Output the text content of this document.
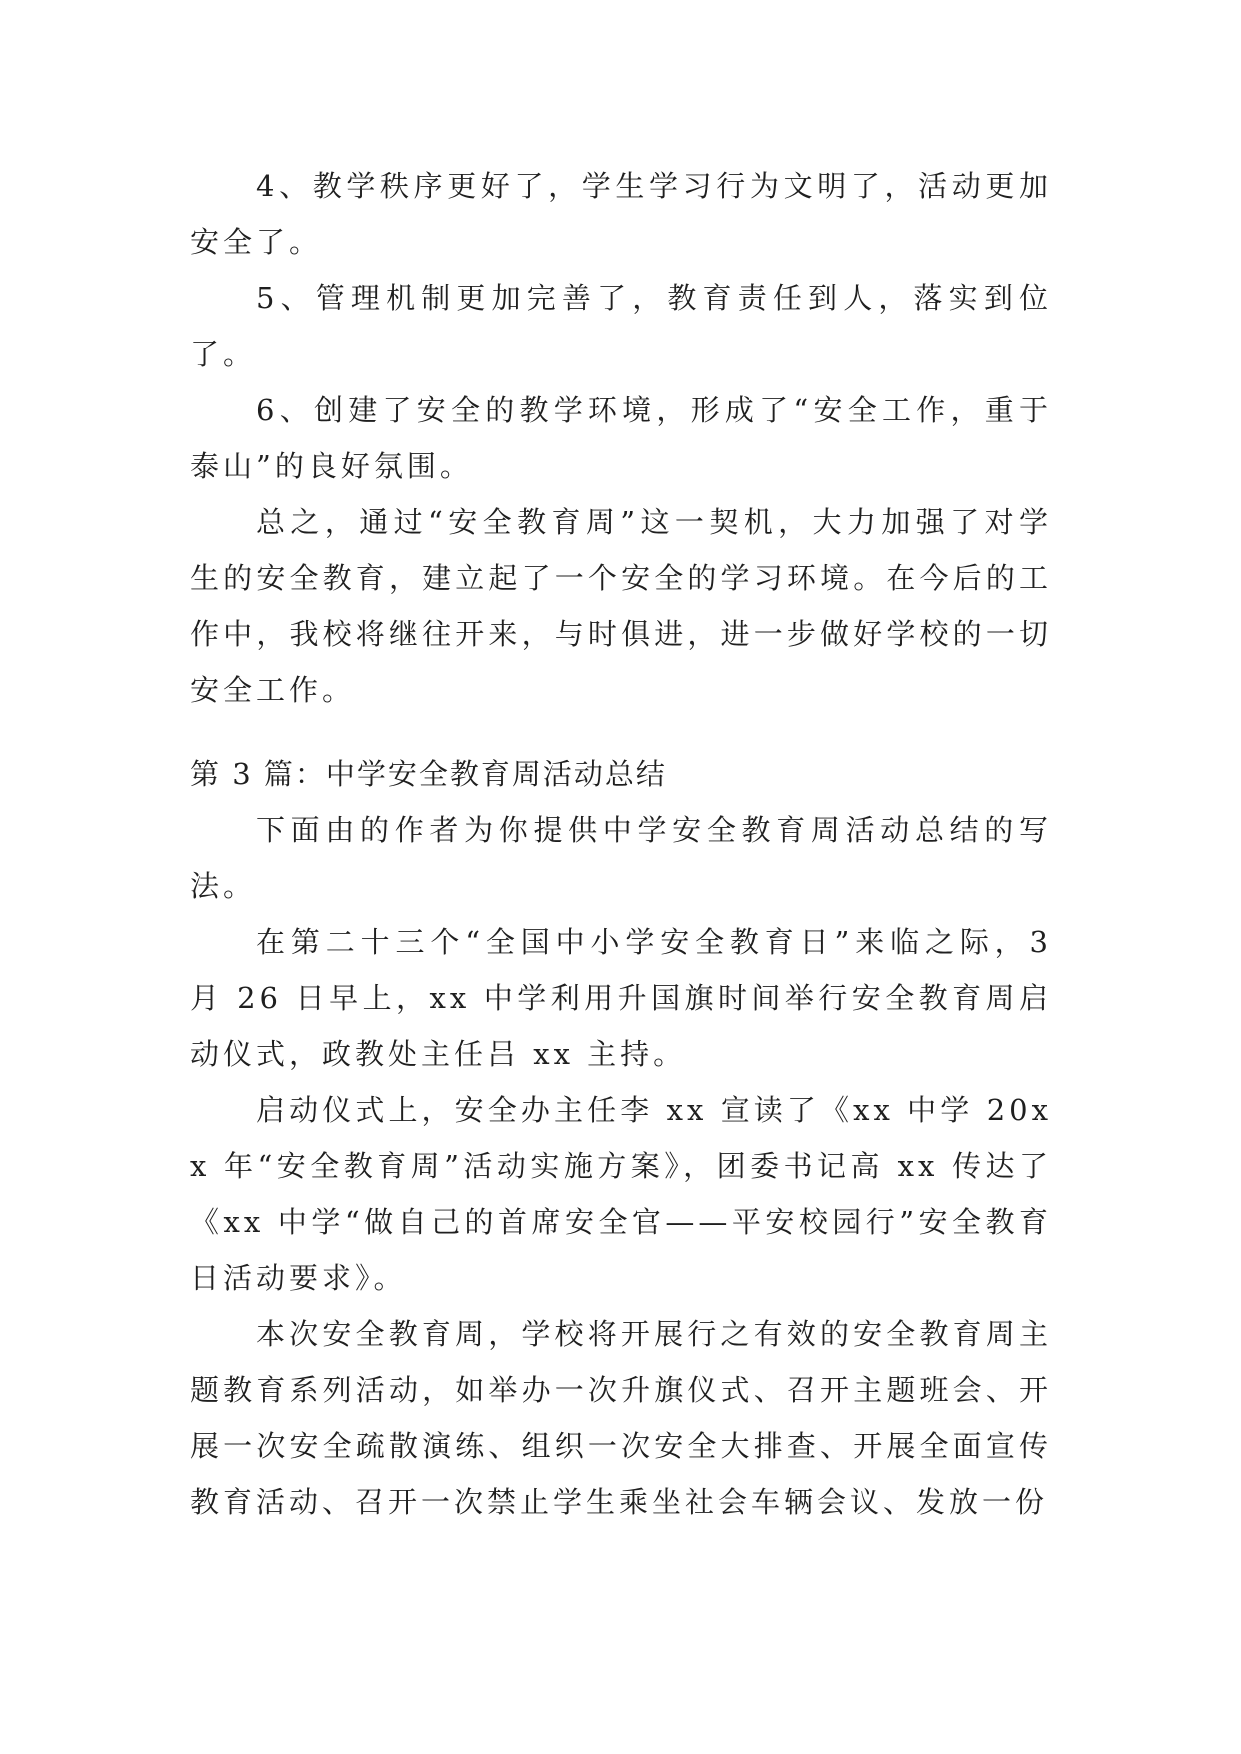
4、教学秩序更好了，学生学习行为文明了，活动更加安全了。

5、管理机制更加完善了，教育责任到人，落实到位了。

6、创建了安全的教学环境，形成了“安全工作，重于泰山”的良好氛围。

总之，通过“安全教育周”这一契机，大力加强了对学生的安全教育，建立起了一个安全的学习环境。在今后的工作中，我校将继往开来，与时俱进，进一步做好学校的一切安全工作。

第 3 篇：中学安全教育周活动总结

下面由的作者为你提供中学安全教育周活动总结的写法。

在第二十三个“全国中小学安全教育日”来临之际，3 月 26 日早上，xx 中学利用升国旗时间举行安全教育周启动仪式，政教处主任吕 xx 主持。

启动仪式上，安全办主任李 xx 宣读了《xx 中学 20xx 年“安全教育周”活动实施方案》，团委书记高 xx 传达了《xx 中学“做自己的首席安全官——平安校园行”安全教育日活动要求》。

本次安全教育周，学校将开展行之有效的安全教育周主题教育系列活动，如举办一次升旗仪式、召开主题班会、开展一次安全疏散演练、组织一次安全大排查、开展全面宣传教育活动、召开一次禁止学生乘坐社会车辆会议、发放一份
